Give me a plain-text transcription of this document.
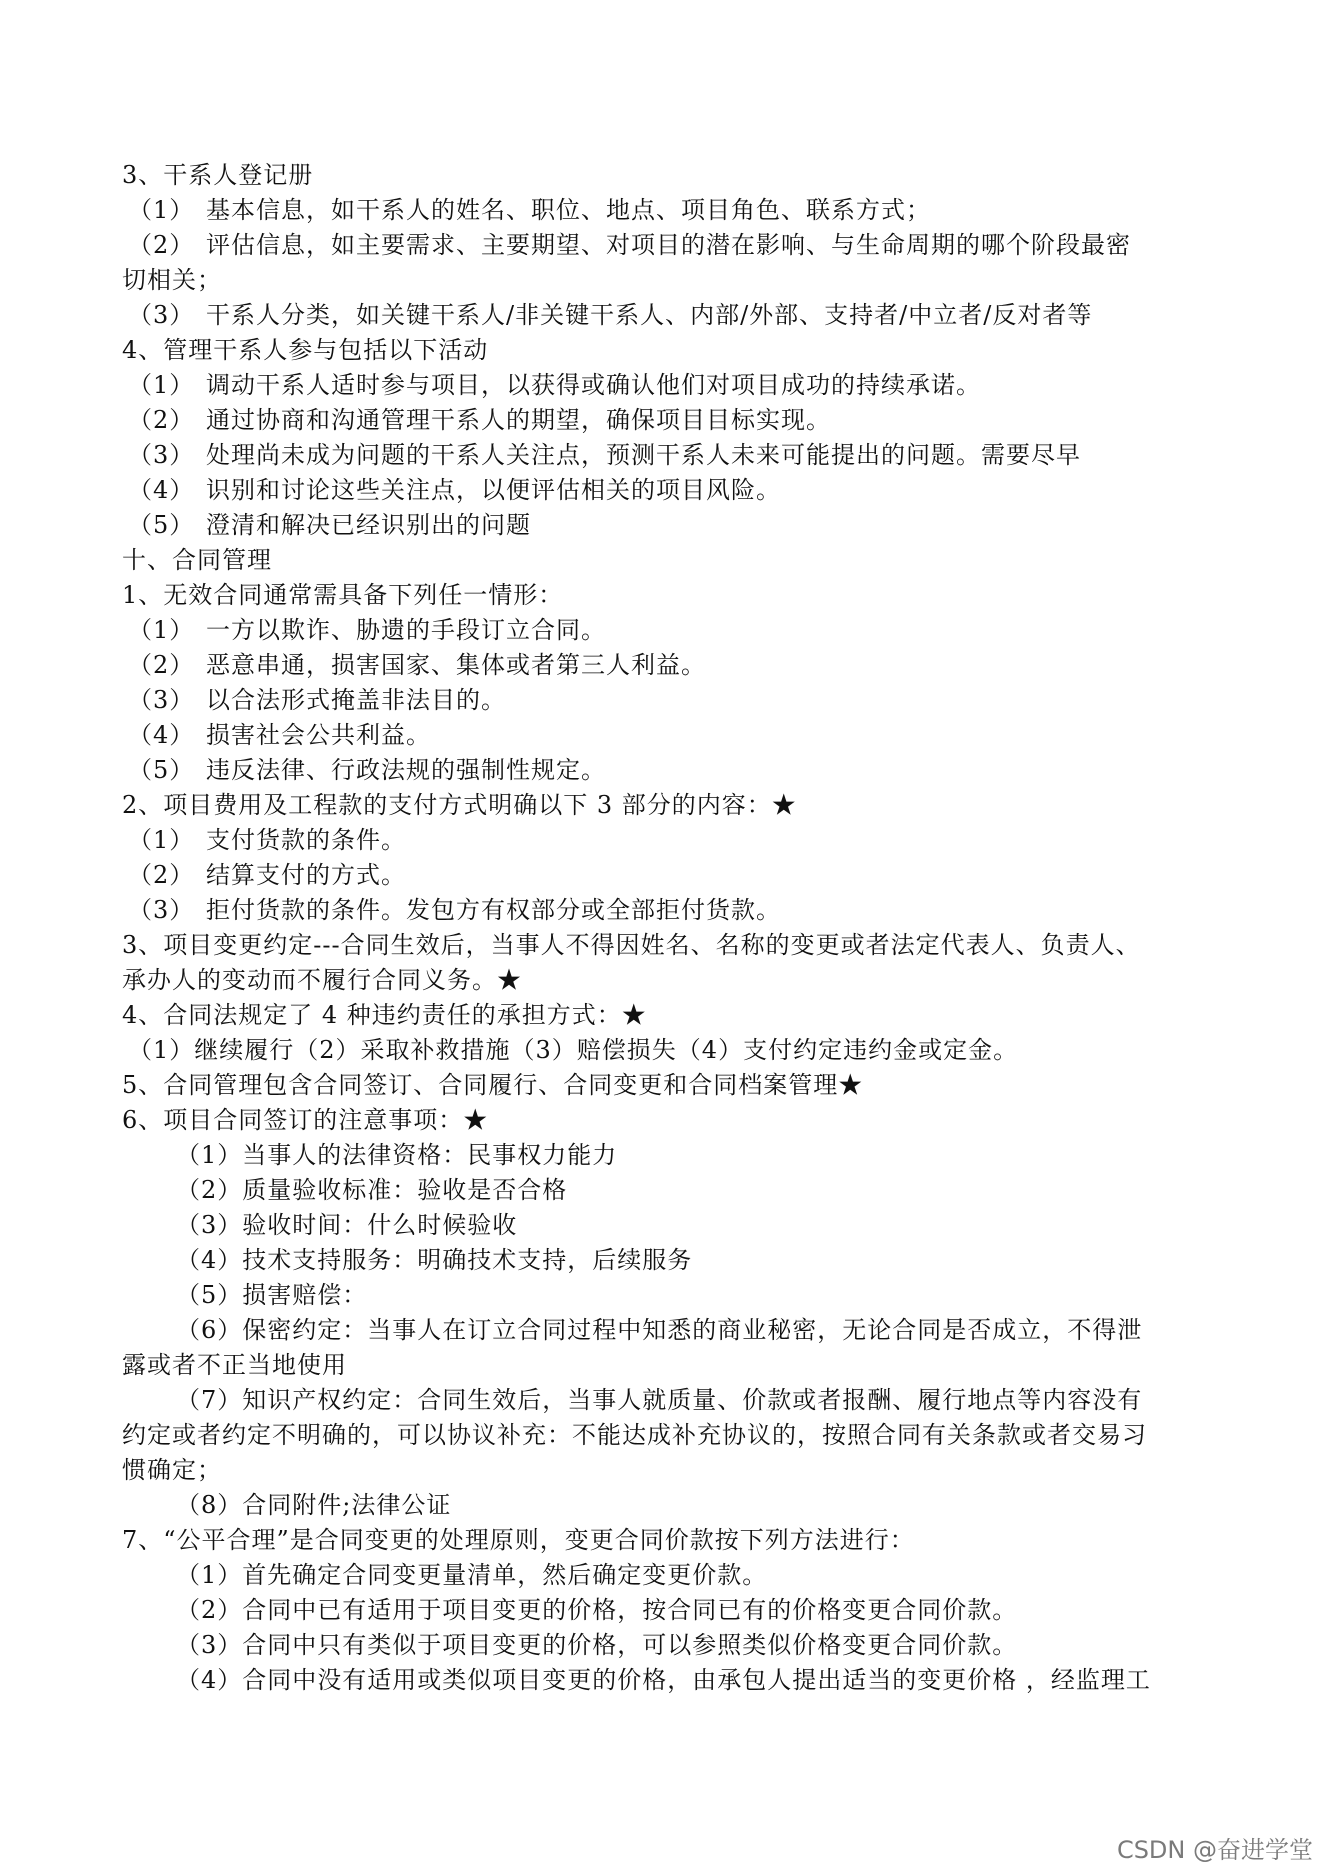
3、干系人登记册
（1） 基本信息，如干系人的姓名、职位、地点、项目角色、联系方式；
（2） 评估信息，如主要需求、主要期望、对项目的潜在影响、与生命周期的哪个阶段最密
切相关；
（3） 干系人分类，如关键干系人/非关键干系人、内部/外部、支持者/中立者/反对者等
4、管理干系人参与包括以下活动
（1） 调动干系人适时参与项目，以获得或确认他们对项目成功的持续承诺。
（2） 通过协商和沟通管理干系人的期望，确保项目目标实现。
（3） 处理尚未成为问题的干系人关注点，预测干系人未来可能提出的问题。需要尽早
（4） 识别和讨论这些关注点，以便评估相关的项目风险。
（5） 澄清和解决已经识别出的问题
十、合同管理
1、无效合同通常需具备下列任一情形：
（1） 一方以欺诈、胁遗的手段订立合同。
（2） 恶意串通，损害国家、集体或者第三人利益。
（3） 以合法形式掩盖非法目的。
（4） 损害社会公共利益。
（5） 违反法律、行政法规的强制性规定。
2、项目费用及工程款的支付方式明确以下 3 部分的内容：★
（1） 支付货款的条件。
（2） 结算支付的方式。
（3） 拒付货款的条件。发包方有权部分或全部拒付货款。
3、项目变更约定---合同生效后，当事人不得因姓名、名称的变更或者法定代表人、负责人、
承办人的变动而不履行合同义务。★
4、合同法规定了 4 种违约责任的承担方式：★
（1）继续履行（2）采取补救措施（3）赔偿损失（4）支付约定违约金或定金。
5、合同管理包含合同签订、合同履行、合同变更和合同档案管理★
6、项目合同签订的注意事项：★
（1）当事人的法律资格：民事权力能力
（2）质量验收标准：验收是否合格
（3）验收时间：什么时候验收
（4）技术支持服务：明确技术支持，后续服务
（5）损害赔偿：
（6）保密约定：当事人在订立合同过程中知悉的商业秘密，无论合同是否成立，不得泄
露或者不正当地使用
（7）知识产权约定：合同生效后，当事人就质量、价款或者报酬、履行地点等内容没有
约定或者约定不明确的，可以协议补充：不能达成补充协议的，按照合同有关条款或者交易习
惯确定；
（8）合同附件;法律公证
7、“公平合理”是合同变更的处理原则，变更合同价款按下列方法进行：
（1）首先确定合同变更量清单，然后确定变更价款。
（2）合同中已有适用于项目变更的价格，按合同已有的价格变更合同价款。
（3）合同中只有类似于项目变更的价格，可以参照类似价格变更合同价款。
（4）合同中没有适用或类似项目变更的价格，由承包人提出适当的变更价格 ，经监理工
CSDN @奋进学堂
